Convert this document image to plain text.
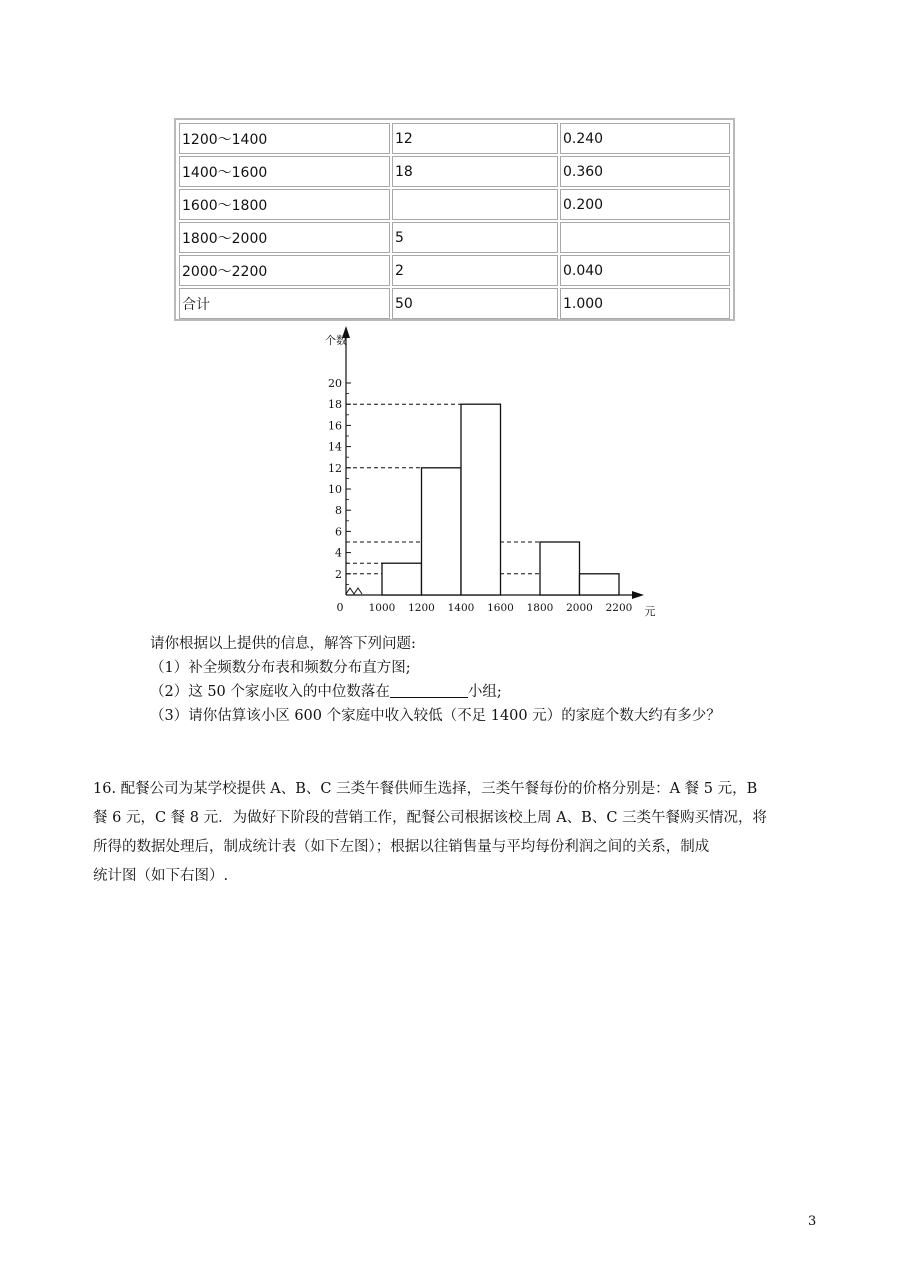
1200～1400	12	0.240
1400～1600	18	0.360
1600～1800		0.200
1800～2000	5	
2000～2200	2	0.040
合计	50	1.000
2
4
6
8
10
12
14
16
18
20
0 1000 1200 1400 1600 1800 2000 2200
个数
元

请你根据以上提供的信息，解答下列问题:

（1）补全频数分布表和频数分布直方图;

（2）这 50 个家庭收入的中位数落在	小组;

（3）请你估算该小区 600 个家庭中收入较低（不足 1400 元）的家庭个数大约有多少？

16. 配餐公司为某学校提供 A、B、C 三类午餐供师生选择，三类午餐每份的价格分别是：A 餐 5 元，B

餐 6 元，C 餐 8 元．为做好下阶段的营销工作，配餐公司根据该校上周 A、B、C 三类午餐购买情况，将

所得的数据处理后，制成统计表（如下左图）；根据以往销售量与平均每份利润之间的关系，制成

统计图（如下右图）.

3
